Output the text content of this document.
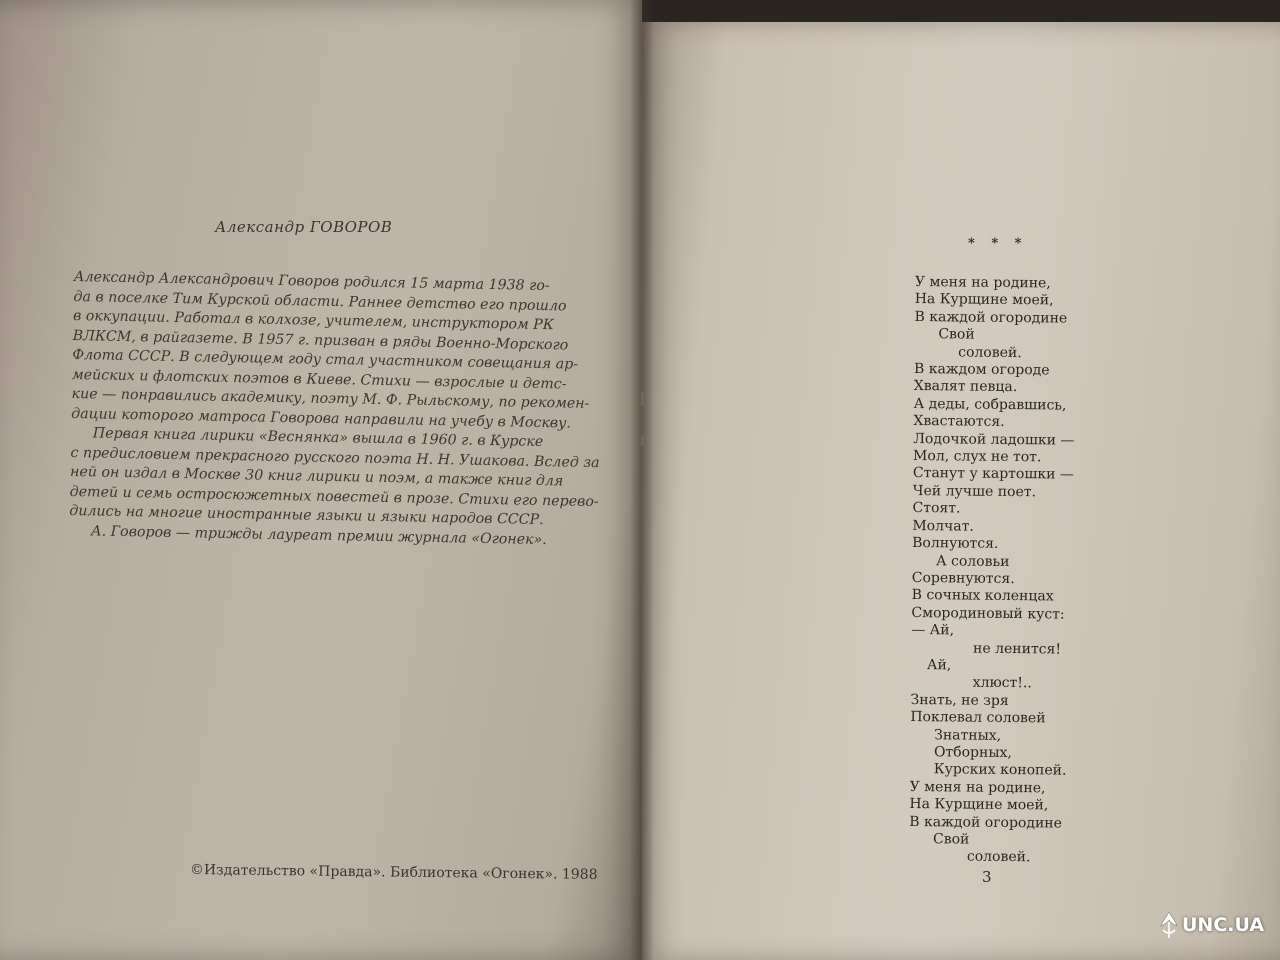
Александр ГОВОРОВ
Александр Александрович Говоров родился 15 марта 1938 го-
да в поселке Тим Курской области. Раннее детство его прошло
в оккупации. Работал в колхозе, учителем, инструктором РК
ВЛКСМ, в райгазете. В 1957 г. призван в ряды Военно-Морского
Флота СССР. В следующем году стал участником совещания ар-
мейских и флотских поэтов в Киеве. Стихи — взрослые и детс-
кие — понравились академику, поэту М. Ф. Рыльскому, по рекомен-
дации которого матроса Говорова направили на учебу в Москву.
Первая книга лирики «Веснянка» вышла в 1960 г. в Курске
с предисловием прекрасного русского поэта Н. Н. Ушакова. Вслед за
ней он издал в Москве 30 книг лирики и поэм, а также книг для
детей и семь остросюжетных повестей в прозе. Стихи его перево-
дились на многие иностранные языки и языки народов СССР.
А. Говоров — трижды лауреат премии журнала «Огонек».
©Издательство «Правда». Библиотека «Огонек». 1988
* * *
У меня на родине,
На Курщине моей,
В каждой огородине
Свой
соловей.
В каждом огороде
Хвалят певца.
А деды, собравшись,
Хвастаются.
Лодочкой ладошки —
Мол, слух не тот.
Станут у картошки —
Чей лучше поет.
Стоят.
Молчат.
Волнуются.
А соловьи
Соревнуются.
В сочных коленцах
Смородиновый куст:
— Ай,
не ленится!
Ай,
хлюст!..
Знать, не зря
Поклевал соловей
Знатных,
Отборных,
Курских конопей.
У меня на родине,
На Курщине моей,
В каждой огородине
Свой
соловей.
3
UNC.UA
